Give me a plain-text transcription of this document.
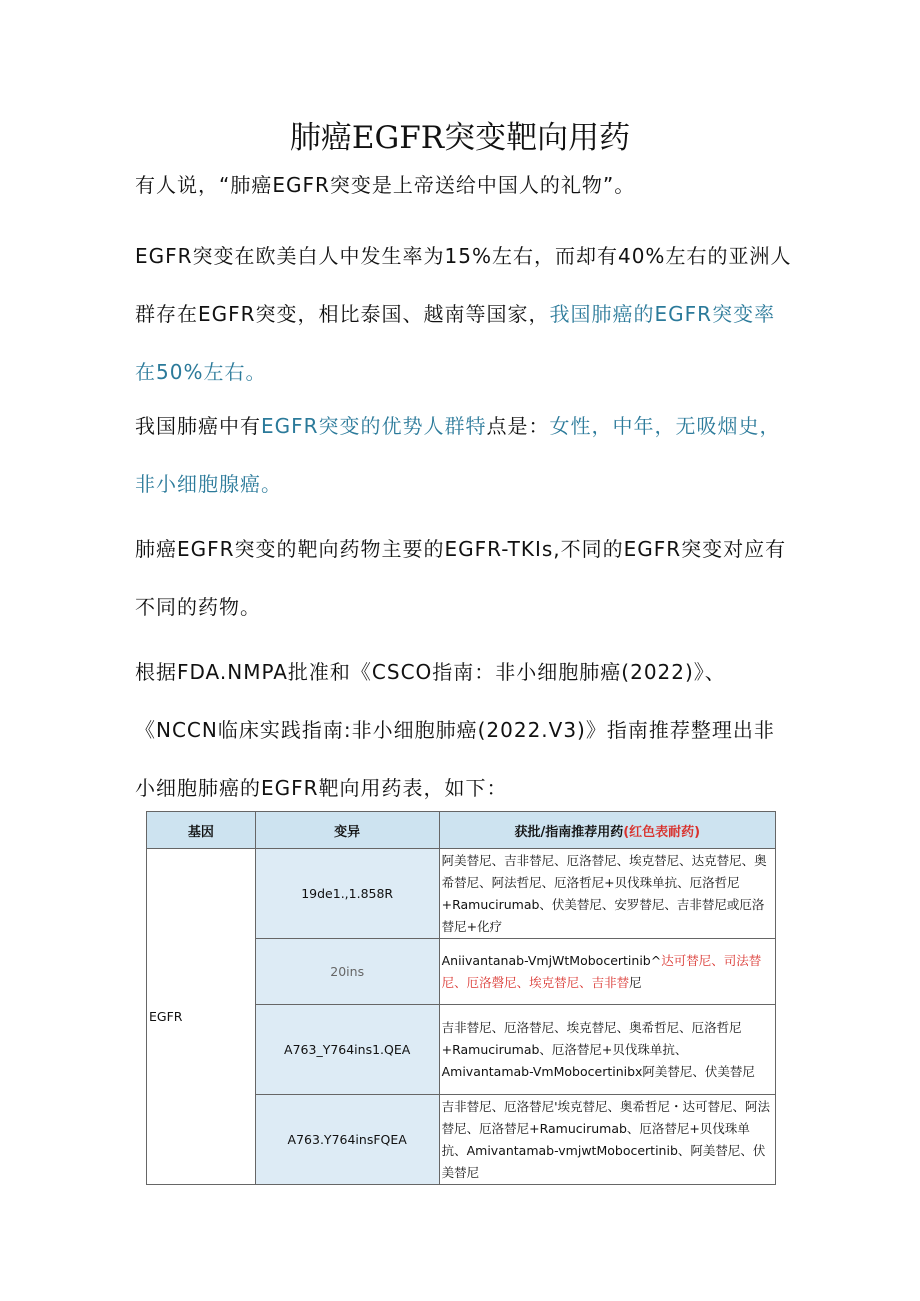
肺癌EGFR突变靶向用药
有人说，“肺癌EGFR突变是上帝送给中国人的礼物”。
EGFR突变在欧美白人中发生率为15%左右，而却有40%左右的亚洲人群存在EGFR突变，相比泰国、越南等国家，我国肺癌的EGFR突变率在50%左右。
我国肺癌中有EGFR突变的优势人群特点是：女性，中年，无吸烟史，非小细胞腺癌。
肺癌EGFR突变的靶向药物主要的EGFR-TKIs,不同的EGFR突变对应有不同的药物。
根据FDA.NMPA批准和《CSCO指南：非小细胞肺癌(2022)》、《NCCN临床实践指南:非小细胞肺癌(2022.V3)》指南推荐整理出非小细胞肺癌的EGFR靶向用药表，如下：
基因	变异	获批/指南推荐用药(红色表耐药)
EGFR	19de1.,1.858R	阿美替尼、吉非替尼、厄洛替尼、埃克替尼、达克替尼、奥希替尼、阿法哲尼、厄洛哲尼+贝伐珠单抗、厄洛哲尼+Ramucirumab、伏美替尼、安罗替尼、吉非替尼或厄洛替尼+化疗
	20ins	Aniivantanab-VmjWtMobocertinib^达可替尼、司法替尼、厄洛磬尼、埃克替尼、吉非替尼
	A763_Y764ins1.QEA	吉非替尼、厄洛替尼、埃克替尼、奥希哲尼、厄洛哲尼+Ramucirumab、厄洛替尼+贝伐珠单抗、Amivantamab-VmMobocertinibx阿美替尼、伏美替尼
	A763.Y764insFQEA	吉非替尼、厄洛替尼'埃克替尼、奥希哲尼・达可替尼、阿法替尼、厄洛替尼+Ramucirumab、厄洛替尼+贝伐珠单抗、Amivantamab-vmjwtMobocertinib、阿美替尼、伏美替尼
